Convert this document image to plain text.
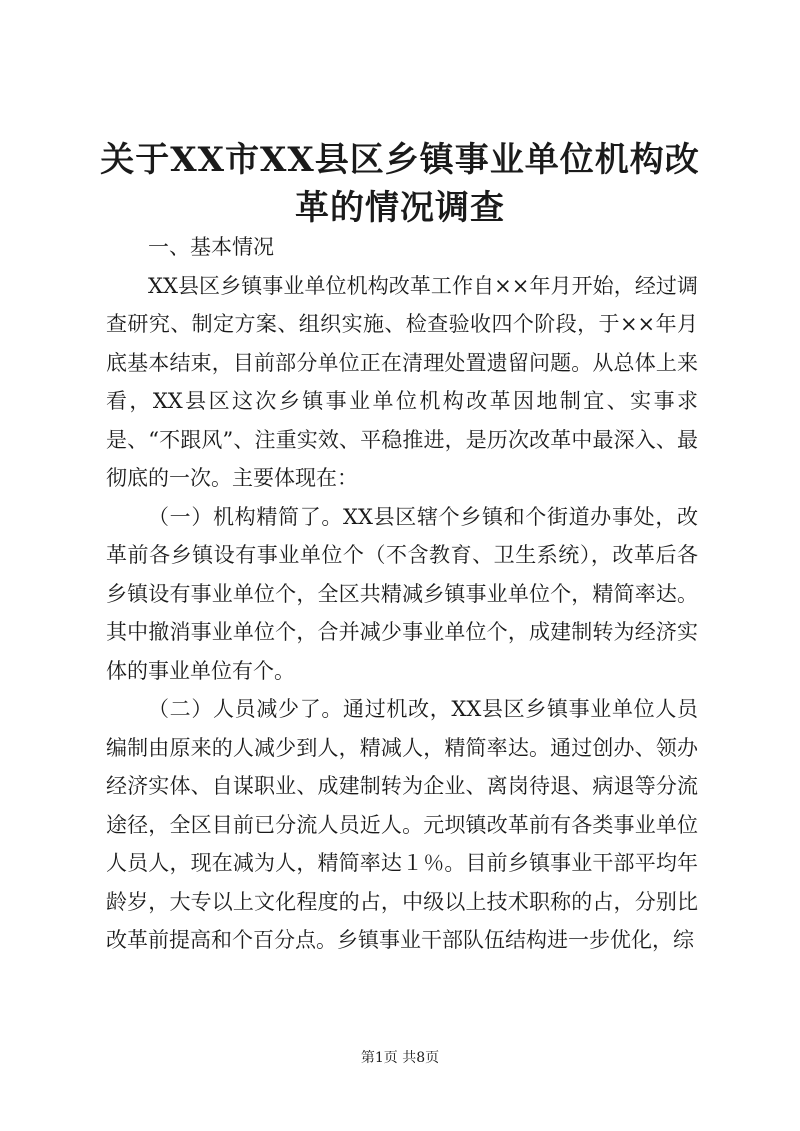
关于XX市XX县区乡镇事业单位机构改革的情况调查

一、基本情况

XX县区乡镇事业单位机构改革工作自××年月开始，经过调查研究、制定方案、组织实施、检查验收四个阶段，于××年月底基本结束，目前部分单位正在清理处置遗留问题。从总体上来看，XX县区这次乡镇事业单位机构改革因地制宜、实事求是、“不跟风”、注重实效、平稳推进，是历次改革中最深入、最彻底的一次。主要体现在：

（一）机构精简了。XX县区辖个乡镇和个街道办事处，改革前各乡镇设有事业单位个（不含教育、卫生系统），改革后各乡镇设有事业单位个，全区共精减乡镇事业单位个，精简率达。其中撤消事业单位个，合并减少事业单位个，成建制转为经济实体的事业单位有个。

（二）人员减少了。通过机改，XX县区乡镇事业单位人员编制由原来的人减少到人，精减人，精简率达。通过创办、领办经济实体、自谋职业、成建制转为企业、离岗待退、病退等分流途径，全区目前已分流人员近人。元坝镇改革前有各类事业单位人员人，现在减为人，精简率达１％。目前乡镇事业干部平均年龄岁，大专以上文化程度的占，中级以上技术职称的占，分别比改革前提高和个百分点。乡镇事业干部队伍结构进一步优化，综

第1页 共8页
